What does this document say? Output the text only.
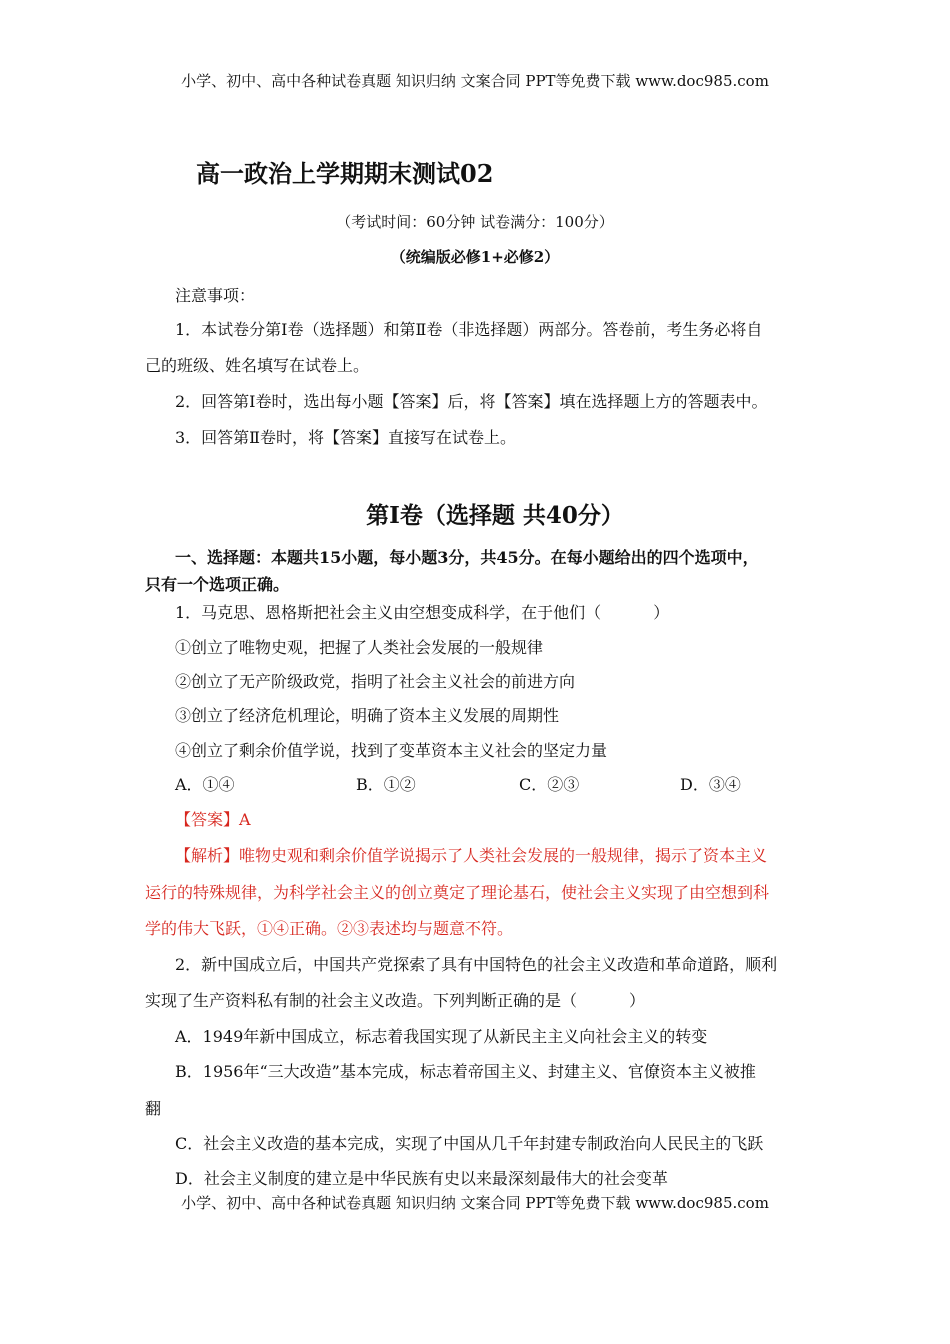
小学、初中、高中各种试卷真题 知识归纳 文案合同 PPT等免费下载 www.doc985.com
高一政治上学期期末测试02
（考试时间：60分钟 试卷满分：100分）
（统编版必修1+必修2）
注意事项：
1．本试卷分第Ⅰ卷（选择题）和第Ⅱ卷（非选择题）两部分。答卷前，考生务必将自
己的班级、姓名填写在试卷上。
2．回答第Ⅰ卷时，选出每小题【答案】后，将【答案】填在选择题上方的答题表中。
3．回答第Ⅱ卷时，将【答案】直接写在试卷上。
第Ⅰ卷（选择题 共40分）
一、选择题：本题共15小题，每小题3分，共45分。在每小题给出的四个选项中，
只有一个选项正确。
1．马克思、恩格斯把社会主义由空想变成科学，在于他们（	）
①创立了唯物史观，把握了人类社会发展的一般规律
②创立了无产阶级政党，指明了社会主义社会的前进方向
③创立了经济危机理论，明确了资本主义发展的周期性
④创立了剩余价值学说，找到了变革资本主义社会的坚定力量
A．①④	B．①②	C．②③	D．③④
【答案】A
【解析】唯物史观和剩余价值学说揭示了人类社会发展的一般规律，揭示了资本主义
运行的特殊规律，为科学社会主义的创立奠定了理论基石，使社会主义实现了由空想到科
学的伟大飞跃，①④正确。②③表述均与题意不符。
2．新中国成立后，中国共产党探索了具有中国特色的社会主义改造和革命道路，顺利
实现了生产资料私有制的社会主义改造。下列判断正确的是（	）
A．1949年新中国成立，标志着我国实现了从新民主主义向社会主义的转变
B．1956年“三大改造”基本完成，标志着帝国主义、封建主义、官僚资本主义被推
翻
C．社会主义改造的基本完成，实现了中国从几千年封建专制政治向人民民主的飞跃
D．社会主义制度的建立是中华民族有史以来最深刻最伟大的社会变革
小学、初中、高中各种试卷真题 知识归纳 文案合同 PPT等免费下载 www.doc985.com
